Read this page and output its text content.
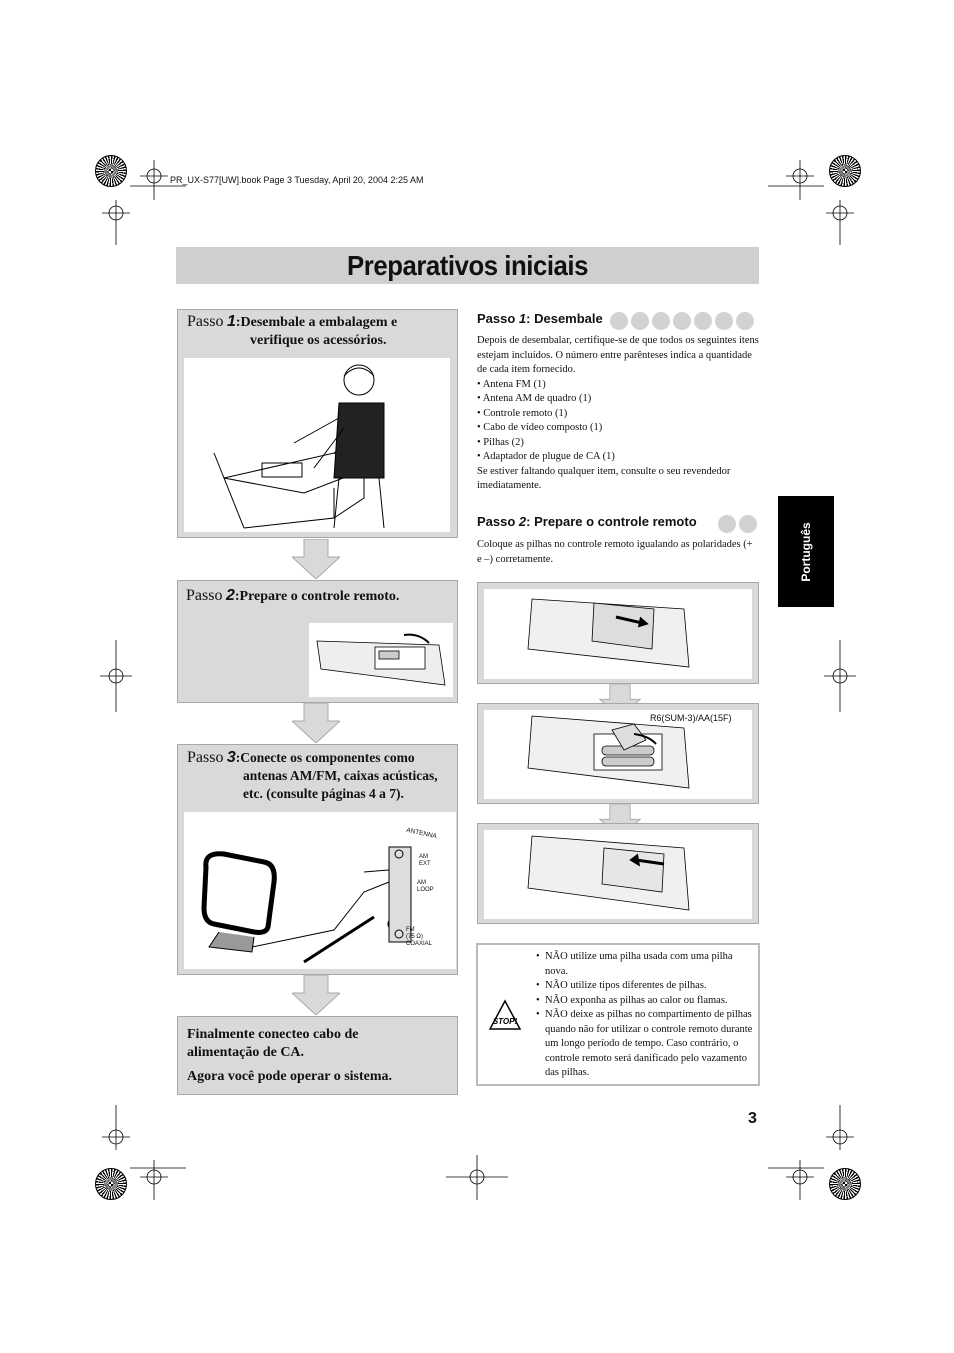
PR_UX-S77[UW].book Page 3 Tuesday, April 20, 2004 2:25 AM
Preparativos iniciais
Passo 1:Desembale a embalagem e
verifique os acessórios.
Passo 2:Prepare o controle remoto.
Passo 3:Conecte os componentes como
antenas AM/FM, caixas acústicas,
etc. (consulte páginas 4 a 7).
ANTENNA
AM
EXT
AM
LOOP
FM
(75 Ω)
COAXIAL
Finalmente conecteo cabo de
alimentação de CA.
Agora você pode operar o sistema.
Passo 1: Desembale

Depois de desembalar, certifique-se de que todos os seguintes itens estejam incluídos. O número entre parênteses indica a quantidade de cada item fornecido.

• Antena FM (1)

• Antena AM de quadro (1)

• Controle remoto (1)

• Cabo de vídeo composto (1)

• Pilhas (2)

• Adaptador de plugue de CA (1)

Se estiver faltando qualquer item, consulte o seu revendedor imediatamente.

Passo 2: Prepare o controle remoto
Coloque as pilhas no controle remoto igualando as polaridades (+ e –) corretamente.	Português
R6(SUM-3)/AA(15F)
STOP!
• NÃO utilize uma pilha usada com uma pilha nova.
• NÃO utilize tipos diferentes de pilhas.
• NÃO exponha as pilhas ao calor ou flamas.
• NÃO deixe as pilhas no compartimento de pilhas quando não for utilizar o controle remoto durante um longo período de tempo. Caso contrário, o controle remoto será danificado pelo vazamento das pilhas.
3
